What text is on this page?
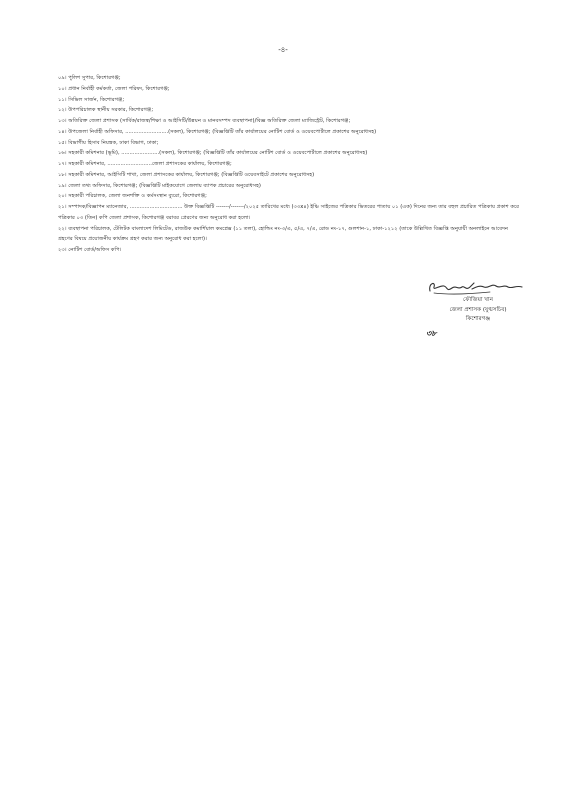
-৪-
০৯। পুলিশ সুপার, কিশোরগঞ্জ;
১০। প্রধান নির্বাহী কর্মকর্তা, জেলা পরিষদ, কিশোরগঞ্জ;
১১। সিভিল সার্জন, কিশোরগঞ্জ;
১২। উপপরিচালক স্থানীয় সরকার, কিশোরগঞ্জ;
১৩। অতিরিক্ত জেলা প্রশাসক (সার্বিক/রাজস্ব/শিক্ষা ও আইসিটি/উন্নয়ন ও মানবসম্পদ ব্যবস্থাপনা)/বিজ্ঞ অতিরিক্ত জেলা ম্যাজিস্ট্রেট, কিশোরগঞ্জ;
১৪। উপজেলা নির্বাহী অফিসার, ..........................(সকল), কিশোরগঞ্জ; (বিজ্ঞপ্তিটি তাঁর কার্যালয়ের নোটিশ বোর্ড ও ওয়েবপোর্টালে প্রকাশের অনুরোধসহ)
১৫। বিভাগীয় হিসাব নিয়ন্ত্রক, ঢাকা বিভাগ, ঢাকা;
১৬। সহকারী কমিশনার (ভূমি), .......................(সকল), কিশোরগঞ্জ; (বিজ্ঞপ্তিটি তাঁর কার্যালয়ের নোটিশ বোর্ড ও ওয়েবপোর্টালে প্রকাশের অনুরোধসহ)
১৭। সহকারী কমিশনার, ...........................জেলা প্রশাসকের কার্যালয়, কিশোরগঞ্জ;
১৮। সহকারী কমিশনার, আইসিটি শাখা, জেলা প্রশাসকের কার্যালয়, কিশোরগঞ্জ; (বিজ্ঞপ্তিটি ওয়েবসাইটে প্রকাশের অনুরোধসহ)
১৯। জেলা তথ্য অফিসার, কিশোরগঞ্জ; (বিজ্ঞপ্তিটি মাইকযোগে জেলায় ব্যাপক প্রচারের অনুরোধসহ)
২০। সহকারী পরিচালক, জেলা জনশক্তি ও কর্মসংস্থান ব্যুরো, কিশোরগঞ্জ;
২১। সম্পাদক/বিজ্ঞাপন ম্যানেজার, ................................ উক্ত বিজ্ঞপ্তিটি -------/-------/২০২৫ তারিখের মধ্যে (৩৩x৪) ইঞ্চি সাইজের পত্রিকার ভিতরের পাতায় ০১ (এক) দিনের জন্য তার বহুল প্রচারিত পত্রিকায় প্রকাশ করে পত্রিকার ০৩ (তিন) কপি জেলা প্রশাসক, কিশোরগঞ্জ বরাবর প্রেরণের জন্য অনুরোধ করা হলো।
২২। ব্যবস্থাপনা পরিচালক, টেলিটক বাংলাদেশ লিমিটেড, রাজউক কমার্শিয়াল কমপ্লেক্স (১১ তলা), হোল্ডিং নং-৩/এ, ৫/এ, ৭/এ, রোড নং-১৭, গুলশান-১, ঢাকা-১২১২ (তাকে উল্লিখিত বিজ্ঞপ্তি অনুযায়ী অনলাইনে আবেদন গ্রহণের বিষয়ে প্রয়োজনীয় কার্যক্রম গ্রহণ করার জন্য অনুরোধ করা হলো)।
২৩। নোটিশ বোর্ড/অফিস কপি।
ফৌজিয়া খান
জেলা প্রশাসক (যুগ্মসচিব)
কিশোরগঞ্জ
৩৮
